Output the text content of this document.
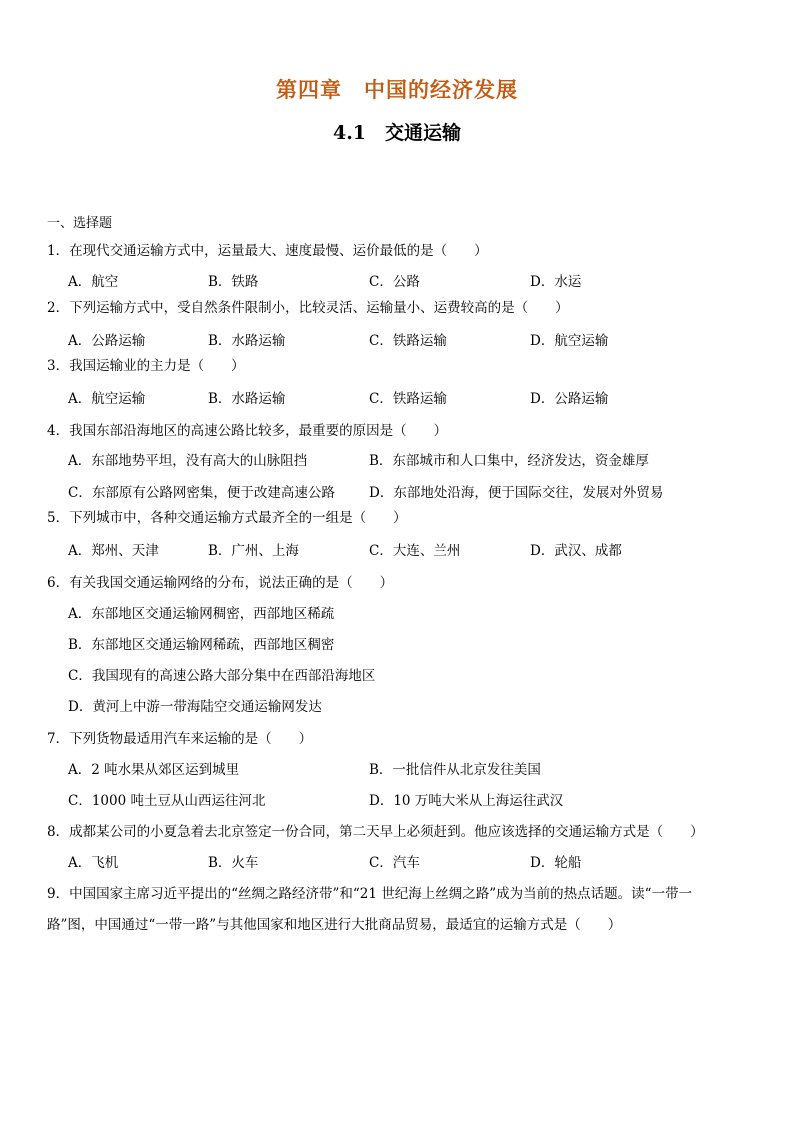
第四章　中国的经济发展
4.1　交通运输
一、选择题
1．在现代交通运输方式中，运量最大、速度最慢、运价最低的是（　　）
A．航空	B．铁路	C．公路	D．水运
2．下列运输方式中，受自然条件限制小，比较灵活、运输量小、运费较高的是（　　）
A．公路运输	B．水路运输	C．铁路运输	D．航空运输
3．我国运输业的主力是（　　）
A．航空运输	B．水路运输	C．铁路运输	D．公路运输
4．我国东部沿海地区的高速公路比较多，最重要的原因是（　　）
A．东部地势平坦，没有高大的山脉阻挡	B．东部城市和人口集中，经济发达，资金雄厚
C．东部原有公路网密集，便于改建高速公路	D．东部地处沿海，便于国际交往，发展对外贸易
5．下列城市中，各种交通运输方式最齐全的一组是（　　）
A．郑州、天津	B．广州、上海	C．大连、兰州	D．武汉、成都
6．有关我国交通运输网络的分布，说法正确的是（　　）
A．东部地区交通运输网稠密，西部地区稀疏
B．东部地区交通运输网稀疏，西部地区稠密
C．我国现有的高速公路大部分集中在西部沿海地区
D．黄河上中游一带海陆空交通运输网发达
7．下列货物最适用汽车来运输的是（　　）
A．2 吨水果从郊区运到城里	B．一批信件从北京发往美国
C．1000 吨土豆从山西运往河北	D．10 万吨大米从上海运往武汉
8．成都某公司的小夏急着去北京签定一份合同，第二天早上必须赶到。他应该选择的交通运输方式是（　　）
A．飞机	B．火车	C．汽车	D．轮船
9．中国国家主席习近平提出的“丝绸之路经济带”和“21 世纪海上丝绸之路”成为当前的热点话题。读“一带一
路”图，中国通过“一带一路”与其他国家和地区进行大批商品贸易，最适宜的运输方式是（　　）
